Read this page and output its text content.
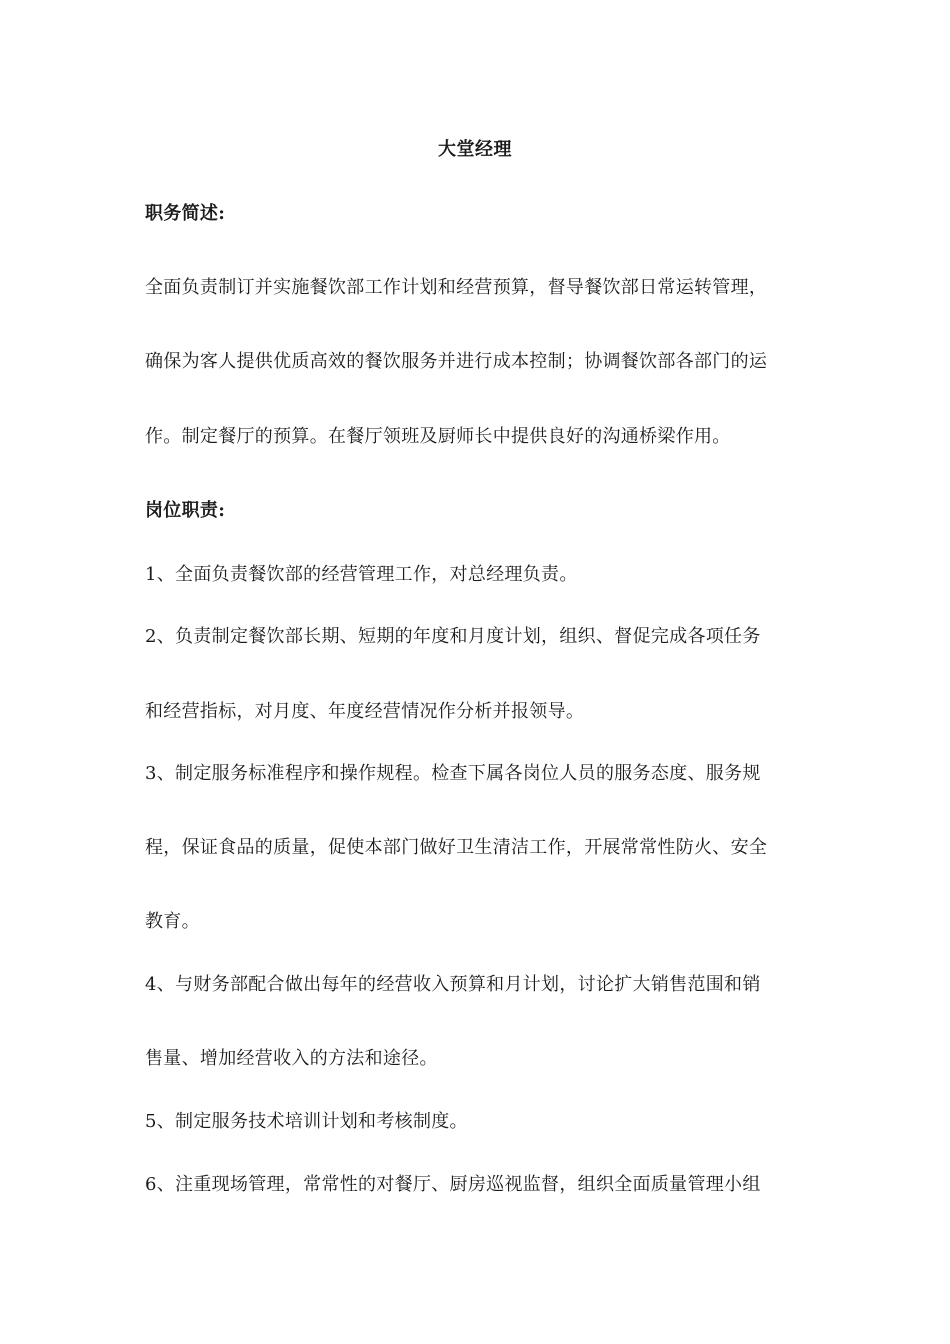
大堂经理
职务简述:
全面负责制订并实施餐饮部工作计划和经营预算，督导餐饮部日常运转管理，
确保为客人提供优质高效的餐饮服务并进行成本控制；协调餐饮部各部门的运
作。制定餐厅的预算。在餐厅领班及厨师长中提供良好的沟通桥梁作用。
岗位职责:
1、全面负责餐饮部的经营管理工作，对总经理负责。
2、负责制定餐饮部长期、短期的年度和月度计划，组织、督促完成各项任务
和经营指标，对月度、年度经营情况作分析并报领导。
3、制定服务标准程序和操作规程。检查下属各岗位人员的服务态度、服务规
程，保证食品的质量，促使本部门做好卫生清洁工作，开展常常性防火、安全
教育。
4、与财务部配合做出每年的经营收入预算和月计划，讨论扩大销售范围和销
售量、增加经营收入的方法和途径。
5、制定服务技术培训计划和考核制度。
6、注重现场管理，常常性的对餐厅、厨房巡视监督，组织全面质量管理小组
